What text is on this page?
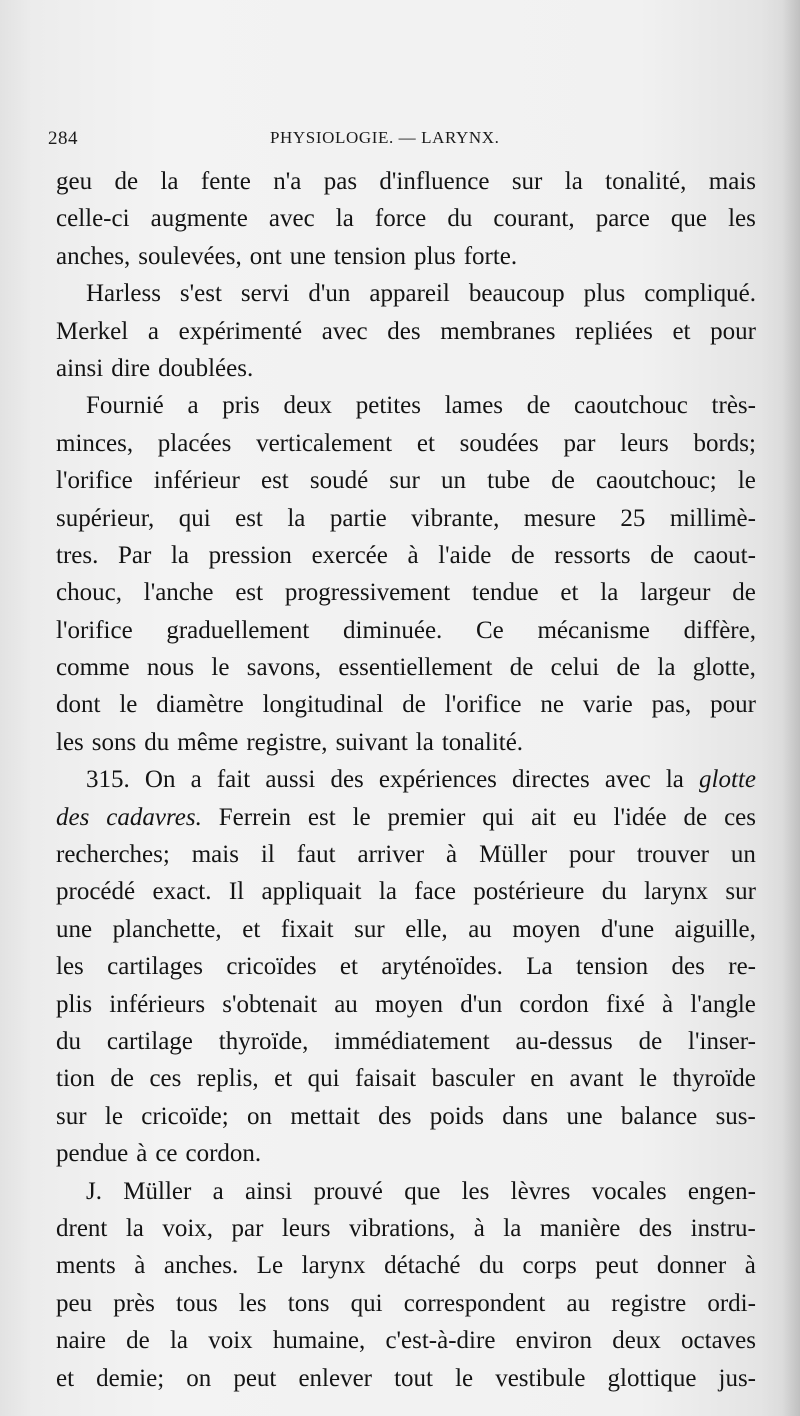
284	PHYSIOLOGIE. — LARYNX.
geu de la fente n'a pas d'influence sur la tonalité, mais
celle-ci augmente avec la force du courant, parce que les
anches, soulevées, ont une tension plus forte.
Harless s'est servi d'un appareil beaucoup plus compliqué.
Merkel a expérimenté avec des membranes repliées et pour
ainsi dire doublées.
Fournié a pris deux petites lames de caoutchouc très-
minces, placées verticalement et soudées par leurs bords;
l'orifice inférieur est soudé sur un tube de caoutchouc; le
supérieur, qui est la partie vibrante, mesure 25 millimè-
tres. Par la pression exercée à l'aide de ressorts de caout-
chouc, l'anche est progressivement tendue et la largeur de
l'orifice graduellement diminuée. Ce mécanisme diffère,
comme nous le savons, essentiellement de celui de la glotte,
dont le diamètre longitudinal de l'orifice ne varie pas, pour
les sons du même registre, suivant la tonalité.
315. On a fait aussi des expériences directes avec la glotte
des cadavres. Ferrein est le premier qui ait eu l'idée de ces
recherches; mais il faut arriver à Müller pour trouver un
procédé exact. Il appliquait la face postérieure du larynx sur
une planchette, et fixait sur elle, au moyen d'une aiguille,
les cartilages cricoïdes et aryténoïdes. La tension des re-
plis inférieurs s'obtenait au moyen d'un cordon fixé à l'angle
du cartilage thyroïde, immédiatement au-dessus de l'inser-
tion de ces replis, et qui faisait basculer en avant le thyroïde
sur le cricoïde; on mettait des poids dans une balance sus-
pendue à ce cordon.
J. Müller a ainsi prouvé que les lèvres vocales engen-
drent la voix, par leurs vibrations, à la manière des instru-
ments à anches. Le larynx détaché du corps peut donner à
peu près tous les tons qui correspondent au registre ordi-
naire de la voix humaine, c'est-à-dire environ deux octaves
et demie; on peut enlever tout le vestibule glottique jus-
